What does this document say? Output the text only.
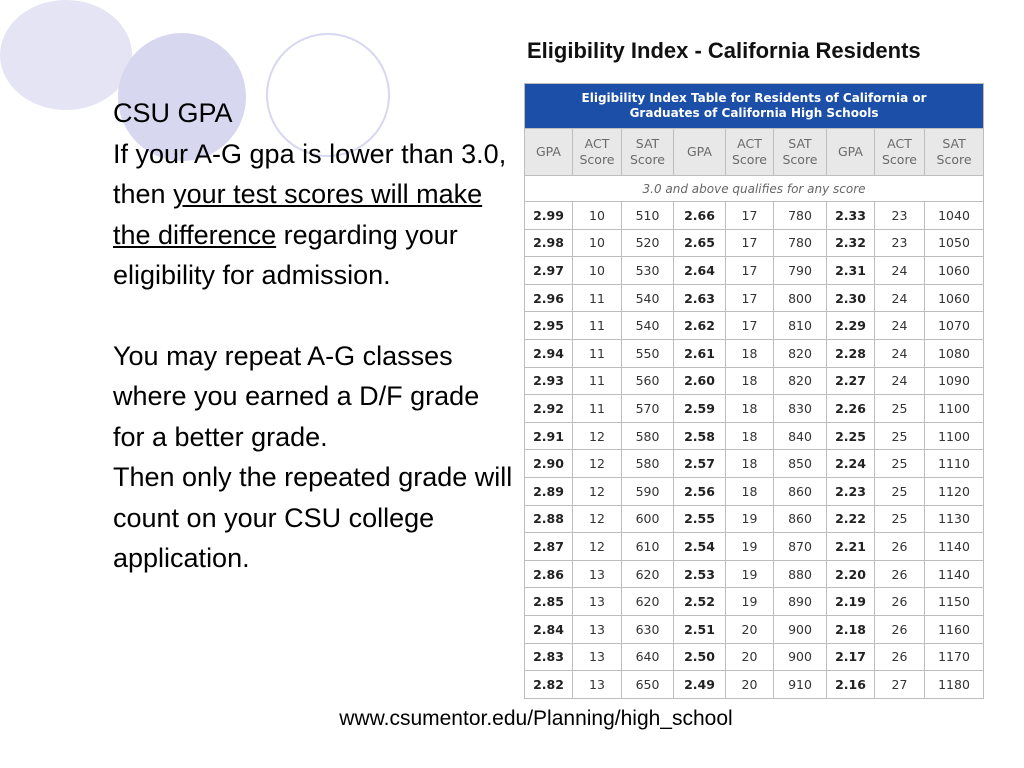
CSU GPA

If your A-G gpa is lower than 3.0, then your test scores will make the difference regarding your eligibility for admission.

You may repeat A-G classes where you earned a D/F grade for a better grade.

Then only the repeated grade will count on your CSU college application.

Eligibility Index - California Residents
Eligibility Index Table for Residents of California or
Graduates of California High Schools								

GPA	ACT Score	SAT Score	GPA	ACT Score	SAT Score	GPA	ACT Score	SAT Score
3.0 and above qualifies for any score								
2.99	10	510	2.66	17	780	2.33	23	1040
2.98	10	520	2.65	17	780	2.32	23	1050
2.97	10	530	2.64	17	790	2.31	24	1060
2.96	11	540	2.63	17	800	2.30	24	1060
2.95	11	540	2.62	17	810	2.29	24	1070
2.94	11	550	2.61	18	820	2.28	24	1080
2.93	11	560	2.60	18	820	2.27	24	1090
2.92	11	570	2.59	18	830	2.26	25	1100
2.91	12	580	2.58	18	840	2.25	25	1100
2.90	12	580	2.57	18	850	2.24	25	1110
2.89	12	590	2.56	18	860	2.23	25	1120
2.88	12	600	2.55	19	860	2.22	25	1130
2.87	12	610	2.54	19	870	2.21	26	1140
2.86	13	620	2.53	19	880	2.20	26	1140
2.85	13	620	2.52	19	890	2.19	26	1150
2.84	13	630	2.51	20	900	2.18	26	1160
2.83	13	640	2.50	20	900	2.17	26	1170
2.82	13	650	2.49	20	910	2.16	27	1180
www.csumentor.edu/Planning/high_school
